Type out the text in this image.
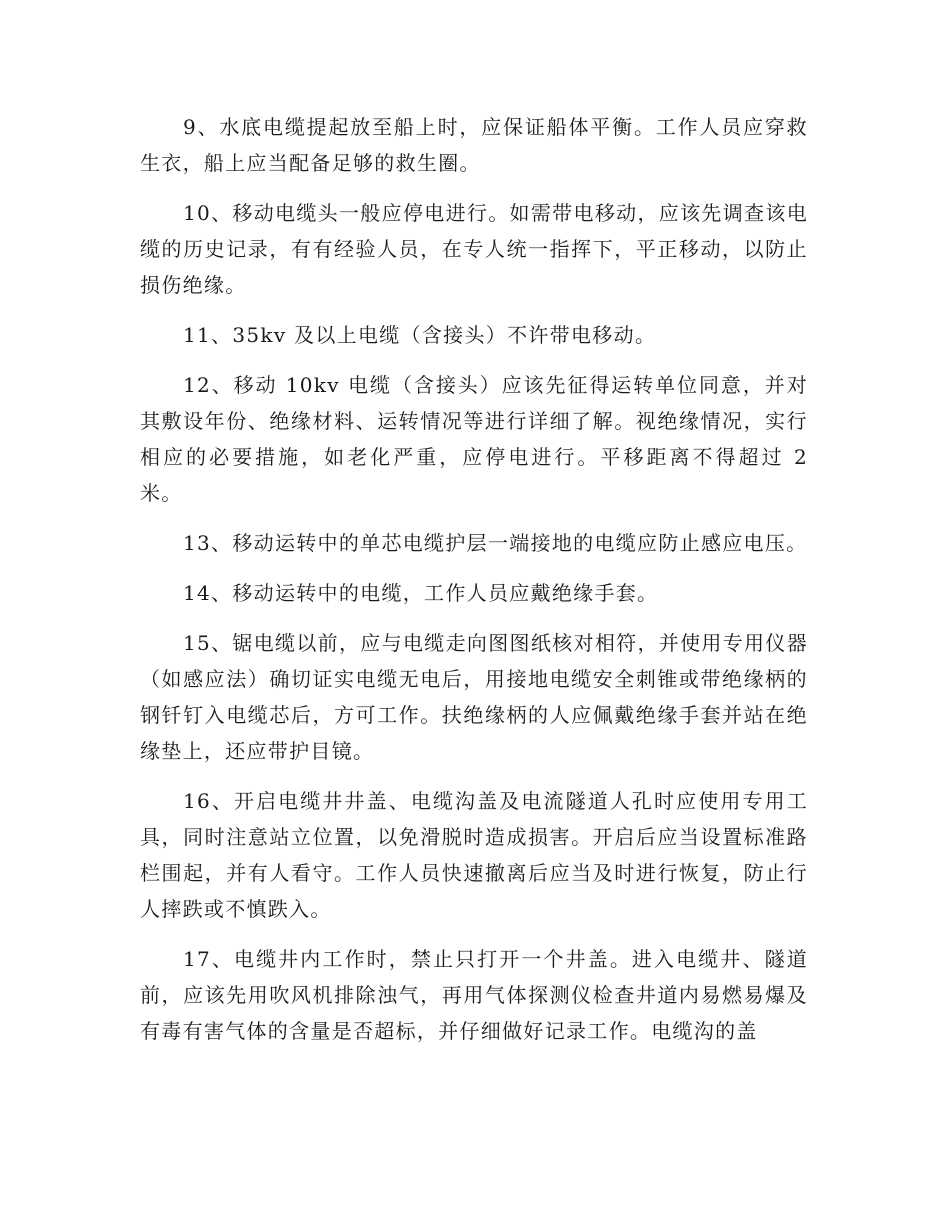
9、水底电缆提起放至船上时，应保证船体平衡。工作人员应穿救生衣，船上应当配备足够的救生圈。

10、移动电缆头一般应停电进行。如需带电移动，应该先调查该电缆的历史记录，有有经验人员，在专人统一指挥下，平正移动，以防止损伤绝缘。

11、35kv 及以上电缆（含接头）不许带电移动。

12、移动 10kv 电缆（含接头）应该先征得运转单位同意，并对其敷设年份、绝缘材料、运转情况等进行详细了解。视绝缘情况，实行相应的必要措施，如老化严重，应停电进行。平移距离不得超过 2 米。

13、移动运转中的单芯电缆护层一端接地的电缆应防止感应电压。

14、移动运转中的电缆，工作人员应戴绝缘手套。

15、锯电缆以前，应与电缆走向图图纸核对相符，并使用专用仪器（如感应法）确切证实电缆无电后，用接地电缆安全刺锥或带绝缘柄的钢钎钉入电缆芯后，方可工作。扶绝缘柄的人应佩戴绝缘手套并站在绝缘垫上，还应带护目镜。

16、开启电缆井井盖、电缆沟盖及电流隧道人孔时应使用专用工具，同时注意站立位置，以免滑脱时造成损害。开启后应当设置标准路栏围起，并有人看守。工作人员快速撤离后应当及时进行恢复，防止行人摔跌或不慎跌入。

17、电缆井内工作时，禁止只打开一个井盖。进入电缆井、隧道前，应该先用吹风机排除浊气，再用气体探测仪检查井道内易燃易爆及有毒有害气体的含量是否超标，并仔细做好记录工作。电缆沟的盖
